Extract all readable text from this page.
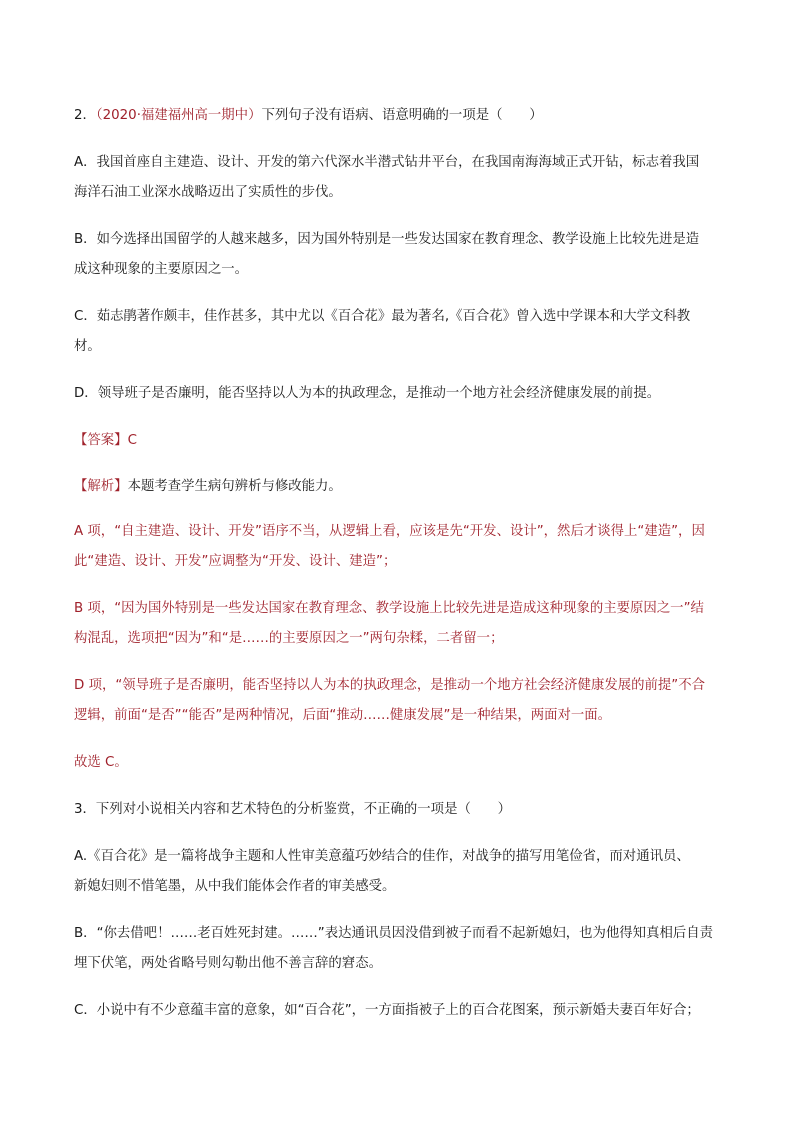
2．（2020·福建福州高一期中）下列句子没有语病、语意明确的一项是（　　）
A．我国首座自主建造、设计、开发的第六代深水半潜式钻井平台，在我国南海海域正式开钻，标志着我国
海洋石油工业深水战略迈出了实质性的步伐。
B．如今选择出国留学的人越来越多，因为国外特别是一些发达国家在教育理念、教学设施上比较先进是造
成这种现象的主要原因之一。
C．茹志鹃著作颇丰，佳作甚多，其中尤以《百合花》最为著名,《百合花》曾入选中学课本和大学文科教
材。
D．领导班子是否廉明，能否坚持以人为本的执政理念，是推动一个地方社会经济健康发展的前提。
【答案】C
【解析】本题考查学生病句辨析与修改能力。
A 项，“自主建造、设计、开发”语序不当，从逻辑上看，应该是先“开发、设计”，然后才谈得上“建造”，因
此“建造、设计、开发”应调整为“开发、设计、建造”；
B 项，“因为国外特别是一些发达国家在教育理念、教学设施上比较先进是造成这种现象的主要原因之一”结
构混乱，选项把“因为”和“是……的主要原因之一”两句杂糅，二者留一；
D 项，“领导班子是否廉明，能否坚持以人为本的执政理念，是推动一个地方社会经济健康发展的前提”不合
逻辑，前面“是否”“能否”是两种情况，后面“推动……健康发展”是一种结果，两面对一面。
故选 C。
3．下列对小说相关内容和艺术特色的分析鉴赏，不正确的一项是（　　）
A.《百合花》是一篇将战争主题和人性审美意蕴巧妙结合的佳作，对战争的描写用笔俭省，而对通讯员、
新媳妇则不惜笔墨，从中我们能体会作者的审美感受。
B．“你去借吧！……老百姓死封建。……”表达通讯员因没借到被子而看不起新媳妇，也为他得知真相后自责
埋下伏笔，两处省略号则勾勒出他不善言辞的窘态。
C．小说中有不少意蕴丰富的意象，如“百合花”，一方面指被子上的百合花图案，预示新婚夫妻百年好合；
